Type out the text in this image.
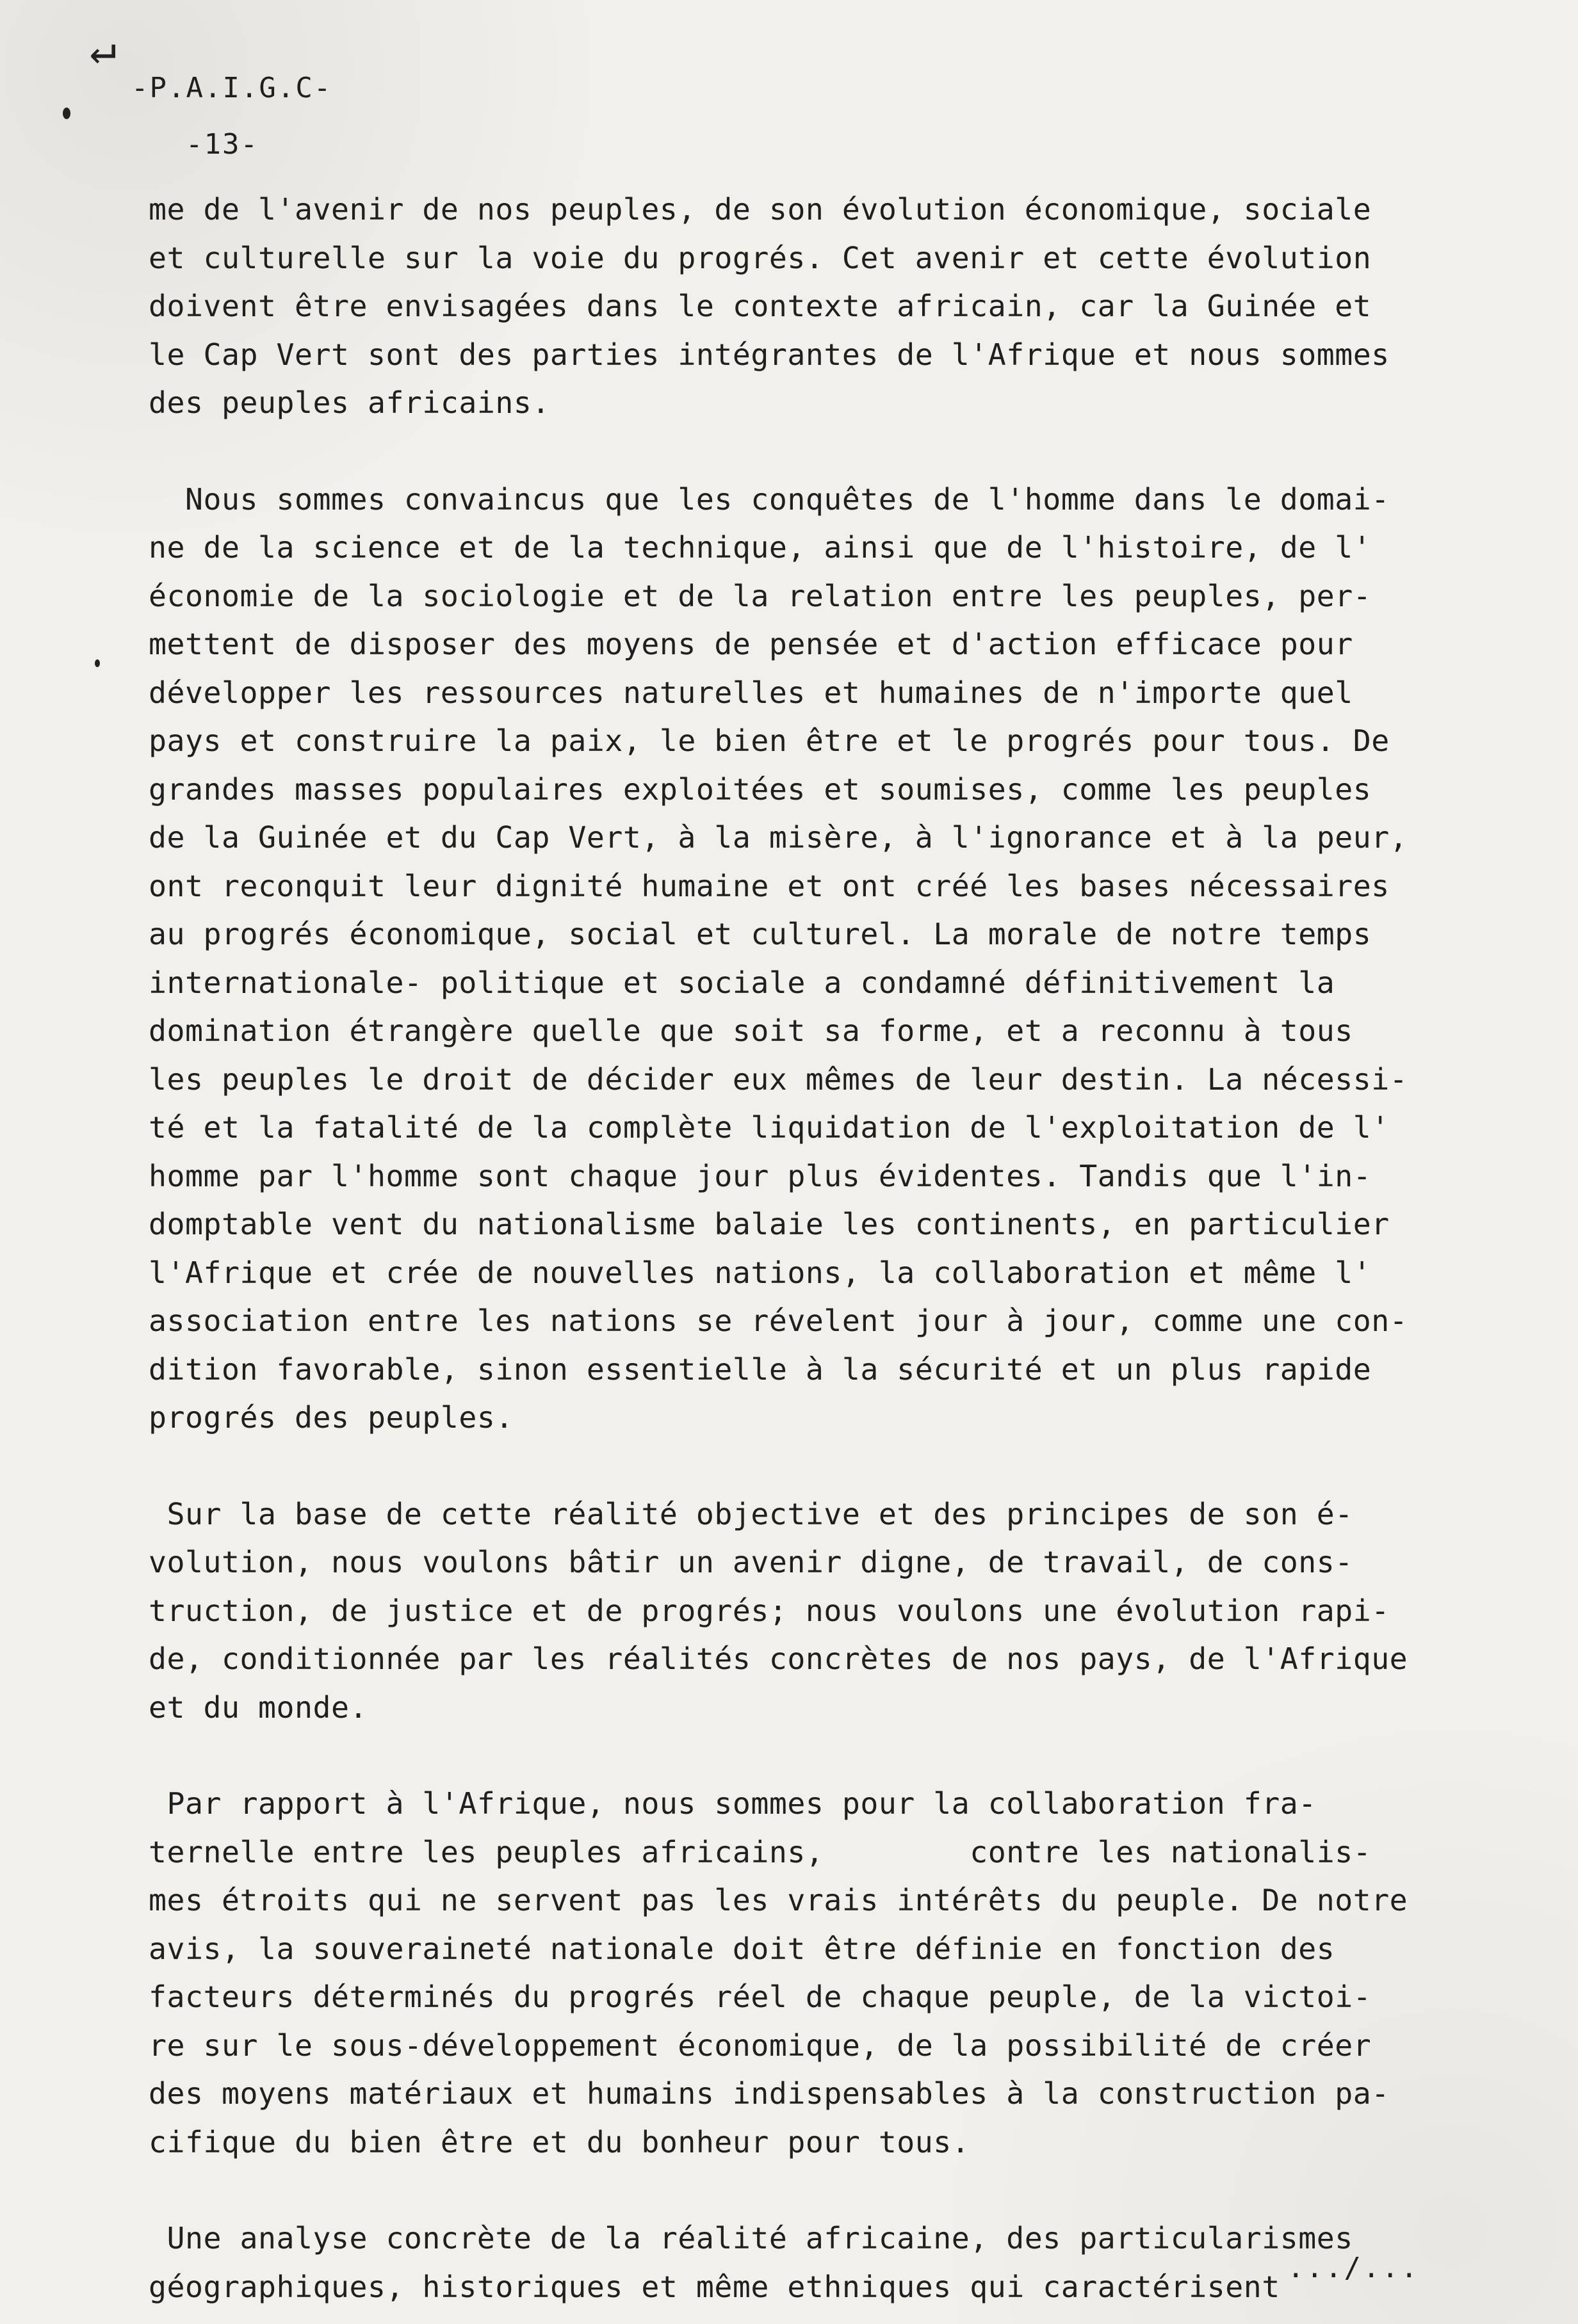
↵
-P.A.I.G.C-
-13-
me de l'avenir de nos peuples, de son évolution économique, sociale
et culturelle sur la voie du progrés. Cet avenir et cette évolution
doivent être envisagées dans le contexte africain, car la Guinée et
le Cap Vert sont des parties intégrantes de l'Afrique et nous sommes
des peuples africains.
Nous sommes convaincus que les conquêtes de l'homme dans le domai-
ne de la science et de la technique, ainsi que de l'histoire, de l'
économie de la sociologie et de la relation entre les peuples, per-
mettent de disposer des moyens de pensée et d'action efficace pour
développer les ressources naturelles et humaines de n'importe quel
pays et construire la paix, le bien être et le progrés pour tous. De
grandes masses populaires exploitées et soumises, comme les peuples
de la Guinée et du Cap Vert, à la misère, à l'ignorance et à la peur,
ont reconquit leur dignité humaine et ont créé les bases nécessaires
au progrés économique, social et culturel. La morale de notre temps
internationale- politique et sociale a condamné définitivement la
domination étrangère quelle que soit sa forme, et a reconnu à tous
les peuples le droit de décider eux mêmes de leur destin. La nécessi-
té et la fatalité de la complète liquidation de l'exploitation de l'
homme par l'homme sont chaque jour plus évidentes. Tandis que l'in-
domptable vent du nationalisme balaie les continents, en particulier
l'Afrique et crée de nouvelles nations, la collaboration et même l'
association entre les nations se révelent jour à jour, comme une con-
dition favorable, sinon essentielle à la sécurité et un plus rapide
progrés des peuples.
Sur la base de cette réalité objective et des principes de son é-
volution, nous voulons bâtir un avenir digne, de travail, de cons-
truction, de justice et de progrés; nous voulons une évolution rapi-
de, conditionnée par les réalités concrètes de nos pays, de l'Afrique
et du monde.
Par rapport à l'Afrique, nous sommes pour la collaboration fra-
ternelle entre les peuples africains,        contre les nationalis-
mes étroits qui ne servent pas les vrais intérêts du peuple. De notre
avis, la souveraineté nationale doit être définie en fonction des
facteurs déterminés du progrés réel de chaque peuple, de la victoi-
re sur le sous-développement économique, de la possibilité de créer
des moyens matériaux et humains indispensables à la construction pa-
cifique du bien être et du bonheur pour tous.
Une analyse concrète de la réalité africaine, des particularismes
géographiques, historiques et même ethniques qui caractérisent
.../...
